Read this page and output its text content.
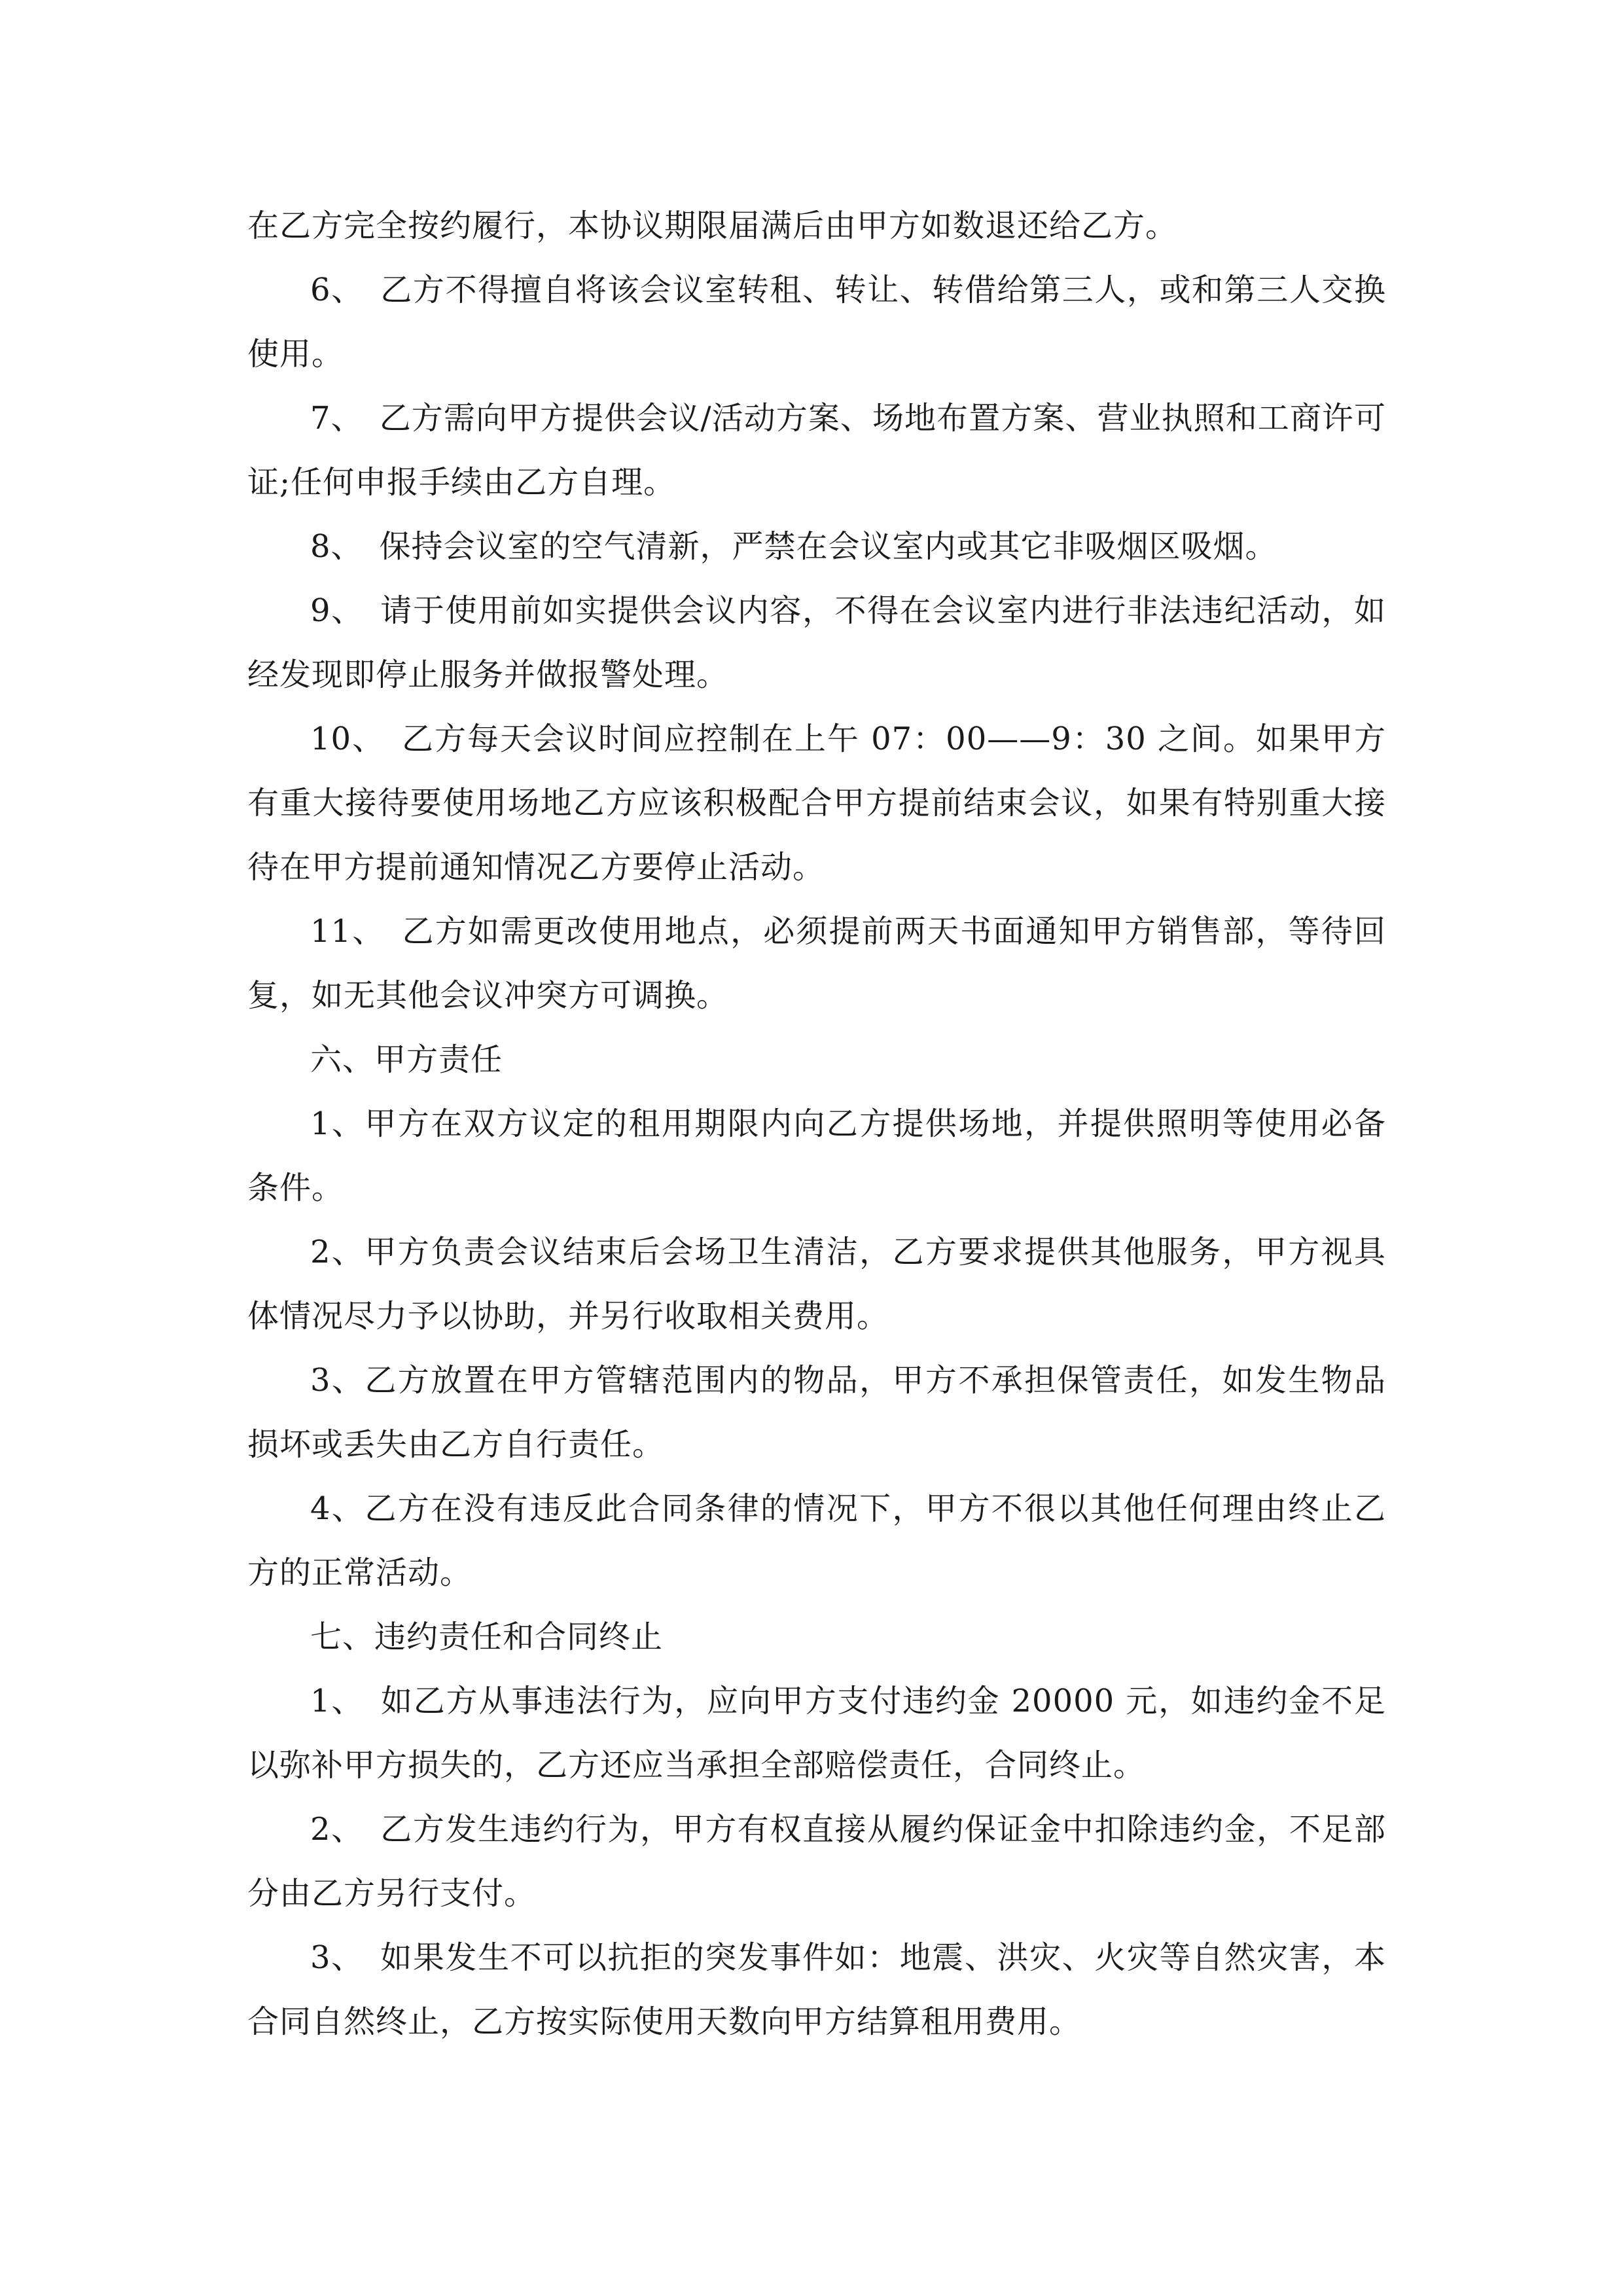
在乙方完全按约履行，本协议期限届满后由甲方如数退还给乙方。

6、　乙方不得擅自将该会议室转租、转让、转借给第三人，或和第三人交换使用。

7、　乙方需向甲方提供会议/活动方案、场地布置方案、营业执照和工商许可证;任何申报手续由乙方自理。

8、　保持会议室的空气清新，严禁在会议室内或其它非吸烟区吸烟。

9、　请于使用前如实提供会议内容，不得在会议室内进行非法违纪活动，如经发现即停止服务并做报警处理。

10、　乙方每天会议时间应控制在上午 07：00——9：30 之间。如果甲方有重大接待要使用场地乙方应该积极配合甲方提前结束会议，如果有特别重大接待在甲方提前通知情况乙方要停止活动。

11、　乙方如需更改使用地点，必须提前两天书面通知甲方销售部，等待回复，如无其他会议冲突方可调换。

六、甲方责任

1、甲方在双方议定的租用期限内向乙方提供场地，并提供照明等使用必备条件。

2、甲方负责会议结束后会场卫生清洁，乙方要求提供其他服务，甲方视具体情况尽力予以协助，并另行收取相关费用。

3、乙方放置在甲方管辖范围内的物品，甲方不承担保管责任，如发生物品损坏或丢失由乙方自行责任。

4、乙方在没有违反此合同条律的情况下，甲方不很以其他任何理由终止乙方的正常活动。

七、违约责任和合同终止

1、　如乙方从事违法行为，应向甲方支付违约金 20000 元，如违约金不足以弥补甲方损失的，乙方还应当承担全部赔偿责任，合同终止。

2、　乙方发生违约行为，甲方有权直接从履约保证金中扣除违约金，不足部分由乙方另行支付。

3、　如果发生不可以抗拒的突发事件如：地震、洪灾、火灾等自然灾害，本合同自然终止，乙方按实际使用天数向甲方结算租用费用。
